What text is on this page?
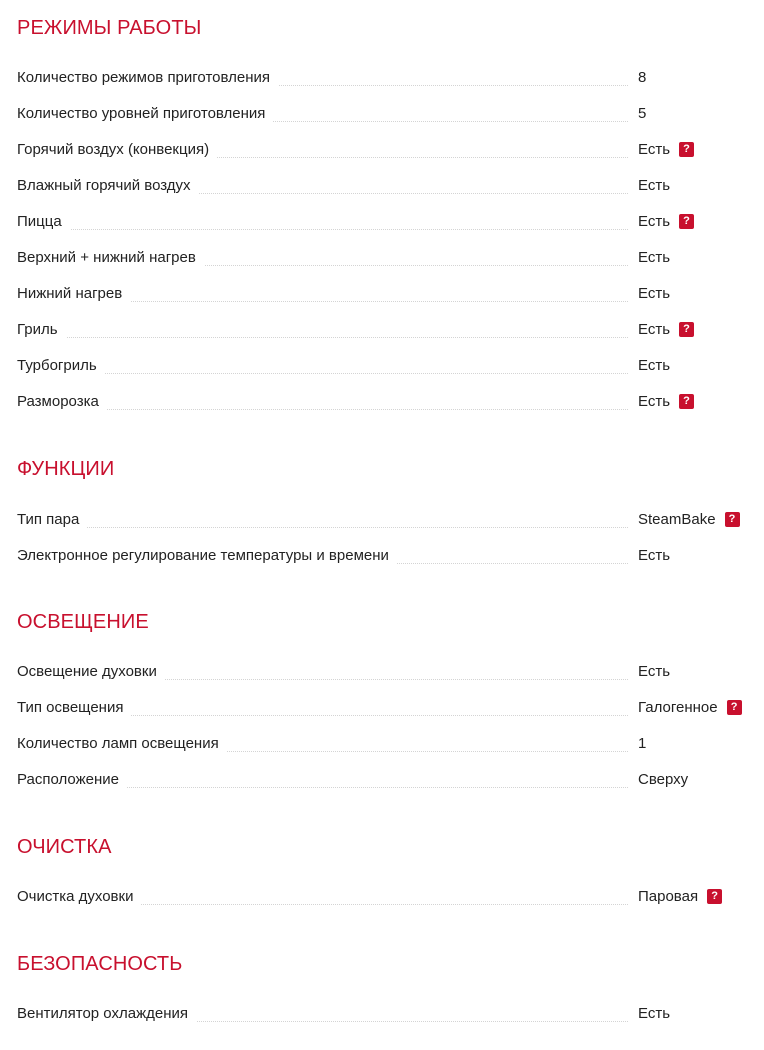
РЕЖИМЫ РАБОТЫ
Количество режимов приготовления	8
Количество уровней приготовления	5
Горячий воздух (конвекция)	Есть	?
Влажный горячий воздух	Есть
Пицца	Есть	?
Верхний + нижний нагрев	Есть
Нижний нагрев	Есть
Гриль	Есть	?
Турбогриль	Есть
Разморозка	Есть	?
ФУНКЦИИ
Тип пара	SteamBake	?
Электронное регулирование температуры и времени	Есть
ОСВЕЩЕНИЕ
Освещение духовки	Есть
Тип освещения	Галогенное	?
Количество ламп освещения	1
Расположение	Сверху
ОЧИСТКА
Очистка духовки	Паровая	?
БЕЗОПАСНОСТЬ
Вентилятор охлаждения	Есть
